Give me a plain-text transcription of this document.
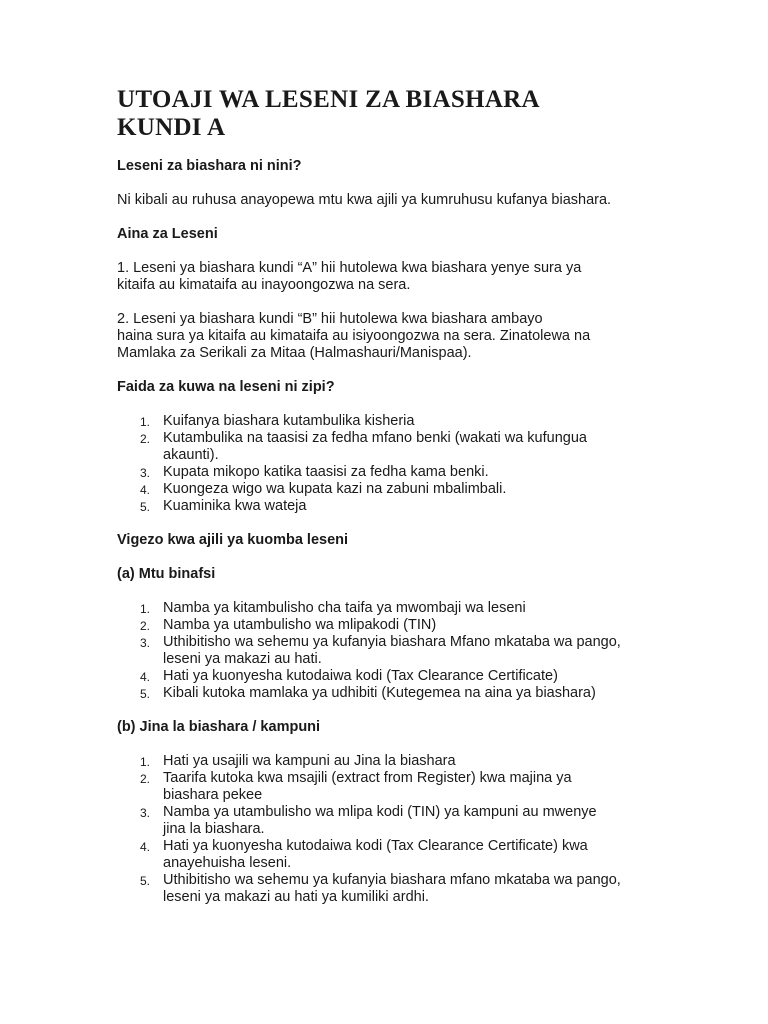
UTOAJI WA LESENI ZA BIASHARA
KUNDI A
Leseni za biashara ni nini?
Ni kibali au ruhusa anayopewa mtu kwa ajili ya kumruhusu kufanya biashara.
Aina za Leseni
1. Leseni ya biashara kundi “A” hii hutolewa kwa biashara yenye sura ya
kitaifa au kimataifa au inayoongozwa na sera.
2. Leseni ya biashara kundi “B” hii hutolewa kwa biashara ambayo
haina sura ya kitaifa au kimataifa au isiyoongozwa na sera. Zinatolewa na
Mamlaka za Serikali za Mitaa (Halmashauri/Manispaa).
Faida za kuwa na leseni ni zipi?
1. Kuifanya biashara kutambulika kisheria
2. Kutambulika na taasisi za fedha mfano benki (wakati wa kufungua
akaunti).
3. Kupata mikopo katika taasisi za fedha kama benki.
4. Kuongeza wigo wa kupata kazi na zabuni mbalimbali.
5. Kuaminika kwa wateja
Vigezo kwa ajili ya kuomba leseni
(a) Mtu binafsi
1. Namba ya kitambulisho cha taifa ya mwombaji wa leseni
2. Namba ya utambulisho wa mlipakodi (TIN)
3. Uthibitisho wa sehemu ya kufanyia biashara Mfano mkataba wa pango,
leseni ya makazi au hati.
4. Hati ya kuonyesha kutodaiwa kodi (Tax Clearance Certificate)
5. Kibali kutoka mamlaka ya udhibiti (Kutegemea na aina ya biashara)
(b) Jina la biashara / kampuni
1. Hati ya usajili wa kampuni au Jina la biashara
2. Taarifa kutoka kwa msajili (extract from Register) kwa majina ya
biashara pekee
3. Namba ya utambulisho wa mlipa kodi (TIN) ya kampuni au mwenye
jina la biashara.
4. Hati ya kuonyesha kutodaiwa kodi (Tax Clearance Certificate) kwa
anayehuisha leseni.
5. Uthibitisho wa sehemu ya kufanyia biashara mfano mkataba wa pango,
leseni ya makazi au hati ya kumiliki ardhi.
